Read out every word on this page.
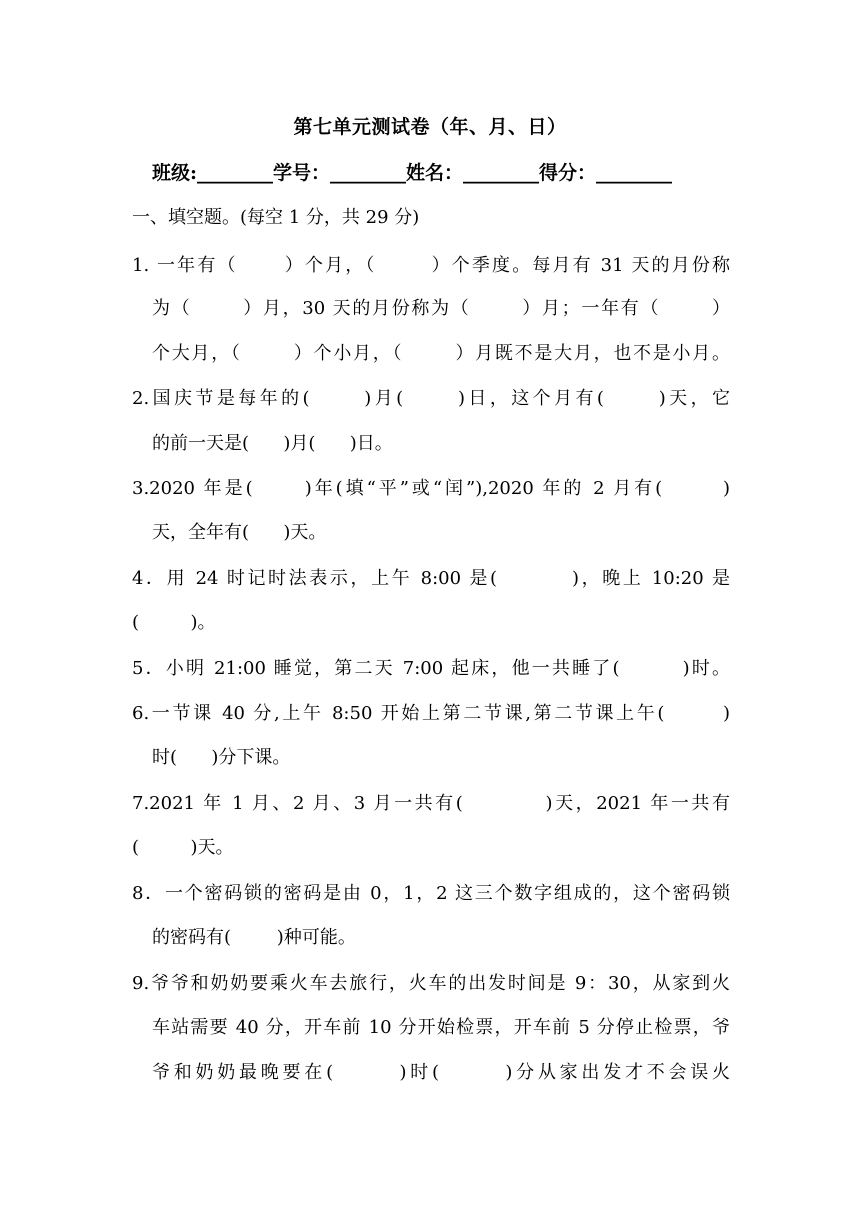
第七单元测试卷（年、月、日）
班级:________学号：________姓名：________得分：________
一、填空题。(每空 1 分，共 29 分)
1. 一年有（      ）个月，（       ）个季度。每月有 31 天的月份称
为（       ）月，30 天的月份称为（       ）月；一年有（       ）
个大月，（       ）个小月，（       ）月既不是大月，也不是小月。
2.国庆节是每年的(      )月(      )日，这个月有(      )天，它
的前一天是(      )月(      )日。
3.2020 年是(      )年(填“平”或“闰”),2020 年的 2 月有(       )
天，全年有(      )天。
4．用 24 时记时法表示，上午 8:00 是(         )，晚上 10:20 是
(         )。
5．小明 21:00 睡觉，第二天 7:00 起床，他一共睡了(        )时。
6.一节课 40 分,上午 8:50 开始上第二节课,第二节课上午(       )
时(      )分下课。
7.2021 年 1 月、2 月、3 月一共有(          )天，2021 年一共有
(         )天。
8．一个密码锁的密码是由 0，1，2 这三个数字组成的，这个密码锁
的密码有(        )种可能。
9.爷爷和奶奶要乘火车去旅行，火车的出发时间是 9：30，从家到火
车站需要 40 分，开车前 10 分开始检票，开车前 5 分停止检票，爷
爷和奶奶最晚要在(       )时(       )分从家出发才不会误火
